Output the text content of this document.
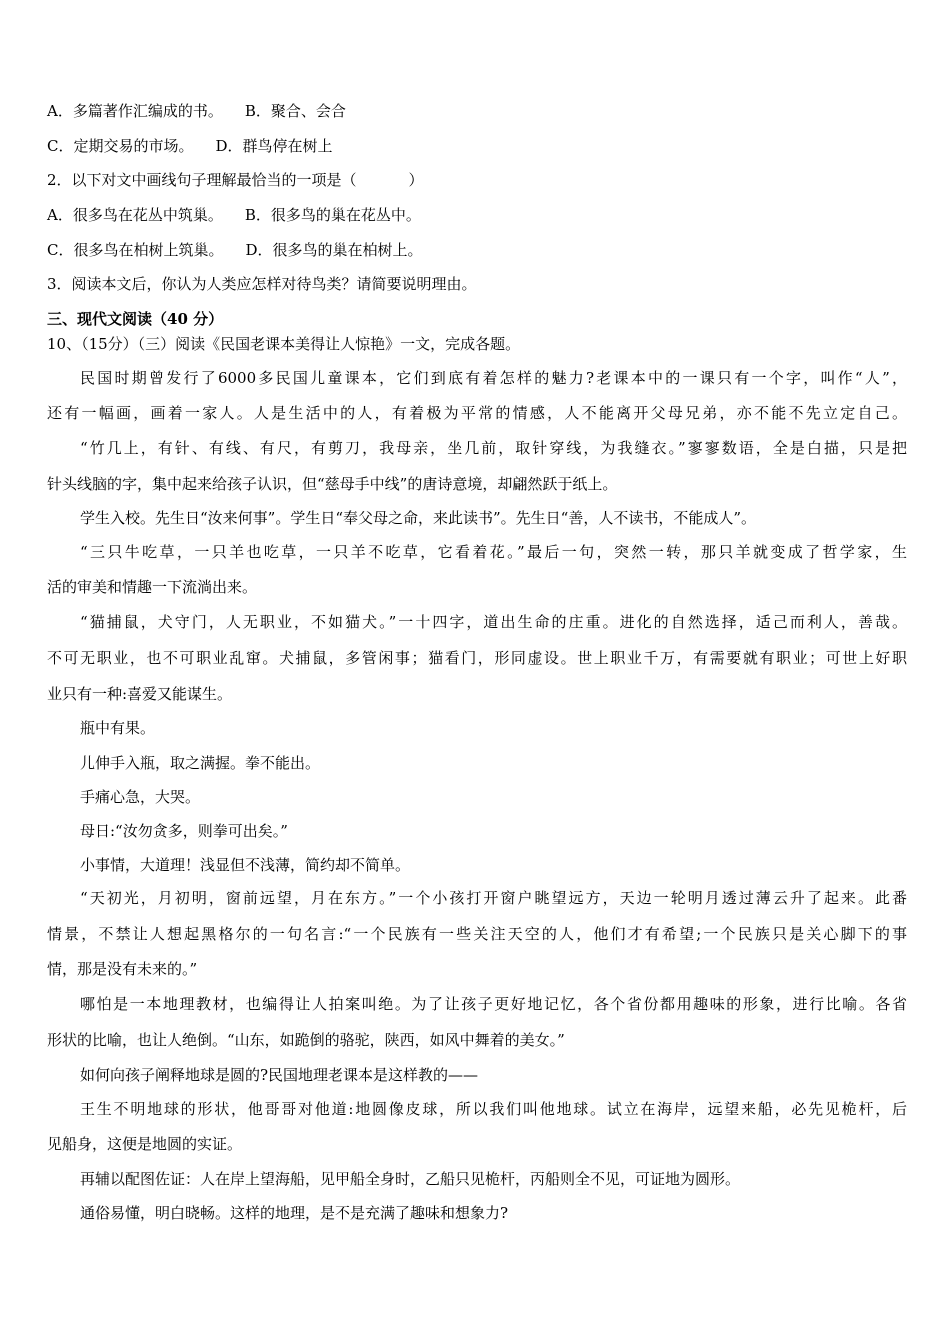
A．多篇著作汇编成的书。 B．聚合、会合
C．定期交易的市场。 D．群鸟停在树上
2．以下对文中画线句子理解最恰当的一项是（	）
A．很多鸟在花丛中筑巢。 B．很多鸟的巢在花丛中。
C．很多鸟在柏树上筑巢。 D．很多鸟的巢在柏树上。
3．阅读本文后，你认为人类应怎样对待鸟类？请简要说明理由。
三、现代文阅读（40 分）
10、（15分）（三）阅读《民国老课本美得让人惊艳》一文，完成各题。
民国时期曾发行了6000多民国儿童课本，它们到底有着怎样的魅力?老课本中的一课只有一个字，叫作“人”，
还有一幅画，画着一家人。人是生活中的人，有着极为平常的情感，人不能离开父母兄弟，亦不能不先立定自己。
“竹几上，有针、有线、有尺，有剪刀，我母亲，坐几前，取针穿线，为我缝衣。”寥寥数语，全是白描，只是把
针头线脑的字，集中起来给孩子认识，但“慈母手中线”的唐诗意境，却翩然跃于纸上。
学生入校。先生日“汝来何事”。学生日“奉父母之命，来此读书”。先生日“善，人不读书，不能成人”。
“三只牛吃草，一只羊也吃草，一只羊不吃草，它看着花。”最后一句，突然一转，那只羊就变成了哲学家，生
活的审美和情趣一下流淌出来。
“猫捕鼠，犬守门，人无职业，不如猫犬。”一十四字，道出生命的庄重。进化的自然选择，适己而利人，善哉。
不可无职业，也不可职业乱窜。犬捕鼠，多管闲事；猫看门，形同虚设。世上职业千万，有需要就有职业；可世上好职
业只有一种:喜爱又能谋生。
瓶中有果。
儿伸手入瓶，取之满握。拳不能出。
手痛心急，大哭。
母日:“汝勿贪多，则拳可出矣。”
小事情，大道理！浅显但不浅薄，简约却不简单。
“天初光，月初明，窗前远望，月在东方。”一个小孩打开窗户眺望远方，天边一轮明月透过薄云升了起来。此番
情景，不禁让人想起黑格尔的一句名言:“一个民族有一些关注天空的人，他们才有希望;一个民族只是关心脚下的事
情，那是没有未来的。”
哪怕是一本地理教材，也编得让人拍案叫绝。为了让孩子更好地记忆，各个省份都用趣味的形象，进行比喻。各省
形状的比喻，也让人绝倒。“山东，如跪倒的骆驼，陕西，如风中舞着的美女。”
如何向孩子阐释地球是圆的?民国地理老课本是这样教的——
王生不明地球的形状，他哥哥对他道:地圆像皮球，所以我们叫他地球。试立在海岸，远望来船，必先见桅杆，后
见船身，这便是地圆的实证。
再辅以配图佐证：人在岸上望海船，见甲船全身时，乙船只见桅杆，丙船则全不见，可证地为圆形。
通俗易懂，明白晓畅。这样的地理，是不是充满了趣味和想象力?
